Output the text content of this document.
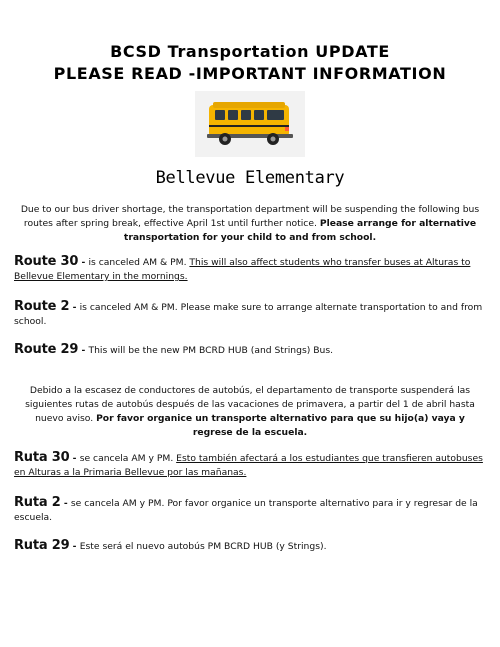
BCSD Transportation UPDATE
PLEASE READ -IMPORTANT INFORMATION
Bellevue Elementary
Due to our bus driver shortage, the transportation department will be suspending the following bus routes after spring break, effective April 1st until further notice. Please arrange for alternative transportation for your child to and from school.
Route 30 - is canceled AM & PM. This will also affect students who transfer buses at Alturas to Bellevue Elementary in the mornings.
Route 2 - is canceled AM & PM. Please make sure to arrange alternate transportation to and from school.
Route 29 - This will be the new PM BCRD HUB (and Strings) Bus.
Debido a la escasez de conductores de autobús, el departamento de transporte suspenderá las siguientes rutas de autobús después de las vacaciones de primavera, a partir del 1 de abril hasta nuevo aviso. Por favor organice un transporte alternativo para que su hijo(a) vaya y regrese de la escuela.
Ruta 30 - se cancela AM y PM. Esto también afectará a los estudiantes que transfieren autobuses en Alturas a la Primaria Bellevue por las mañanas.
Ruta 2 - se cancela AM y PM. Por favor organice un transporte alternativo para ir y regresar de la escuela.
Ruta 29 - Este será el nuevo autobús PM BCRD HUB (y Strings).
